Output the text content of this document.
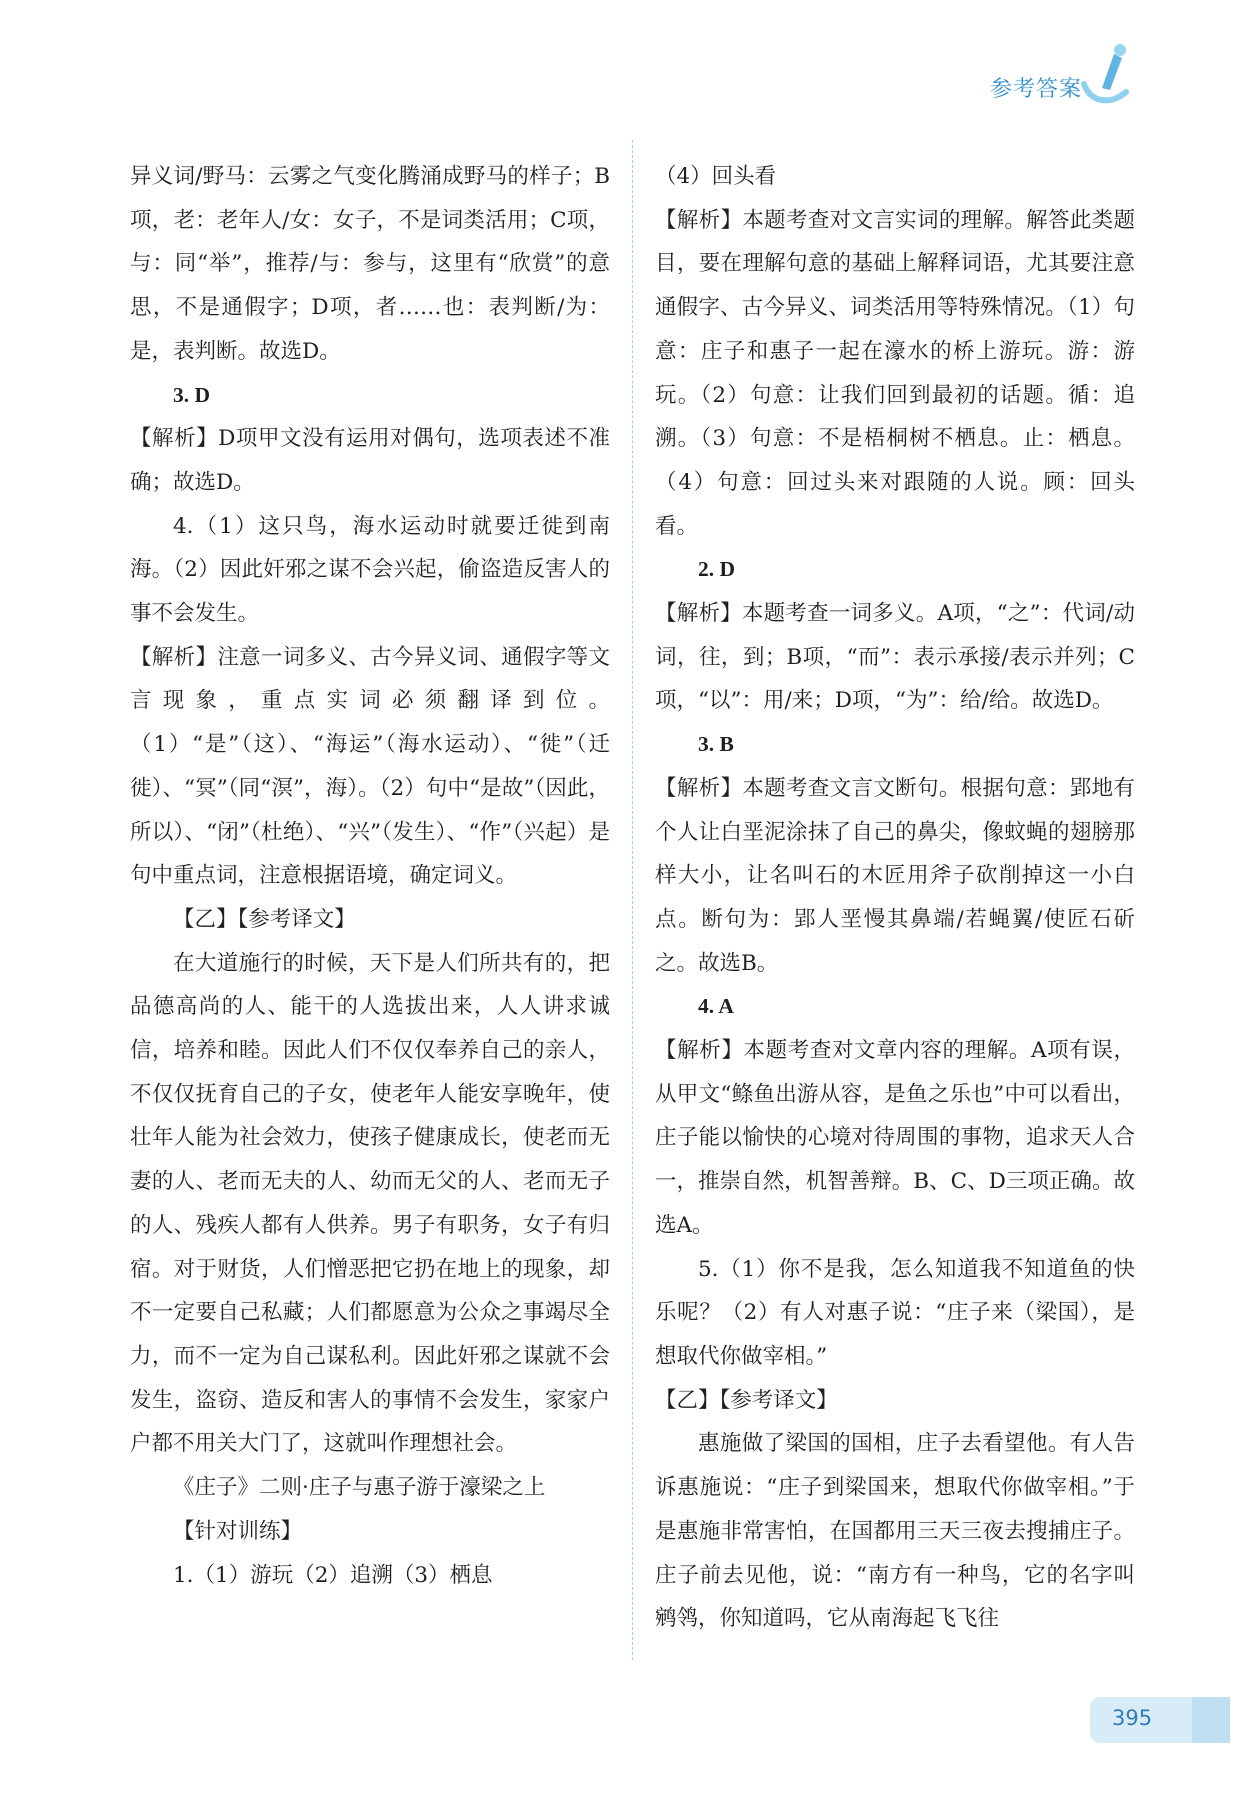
参考答案

异义词/野马：云雾之气变化腾涌成野马的样子；B项，老：老年人/女：女子，不是词类活用；C项，与：同“举”，推荐/与：参与，这里有“欣赏”的意思，不是通假字；D项，者……也：表判断/为：是，表判断。故选D。

3. D

【解析】D项甲文没有运用对偶句，选项表述不准确；故选D。

4.（1）这只鸟，海水运动时就要迁徙到南海。（2）因此奸邪之谋不会兴起，偷盗造反害人的事不会发生。

【解析】注意一词多义、古今异义词、通假字等文言现象，重点实词必须翻译到位。（1）“是”（这）、“海运”（海水运动）、“徙”（迁徙）、“冥”（同“溟”，海）。（2）句中“是故”（因此，所以）、“闭”（杜绝）、“兴”（发生）、“作”（兴起）是句中重点词，注意根据语境，确定词义。

【乙】【参考译文】

在大道施行的时候，天下是人们所共有的，把品德高尚的人、能干的人选拔出来，人人讲求诚信，培养和睦。因此人们不仅仅奉养自己的亲人，不仅仅抚育自己的子女，使老年人能安享晚年，使壮年人能为社会效力，使孩子健康成长，使老而无妻的人、老而无夫的人、幼而无父的人、老而无子的人、残疾人都有人供养。男子有职务，女子有归宿。对于财货，人们憎恶把它扔在地上的现象，却不一定要自己私藏；人们都愿意为公众之事竭尽全力，而不一定为自己谋私利。因此奸邪之谋就不会发生，盗窃、造反和害人的事情不会发生，家家户户都不用关大门了，这就叫作理想社会。

《庄子》二则·庄子与惠子游于濠梁之上

【针对训练】

1.（1）游玩（2）追溯（3）栖息

（4）回头看

【解析】本题考查对文言实词的理解。解答此类题目，要在理解句意的基础上解释词语，尤其要注意通假字、古今异义、词类活用等特殊情况。（1）句意：庄子和惠子一起在濠水的桥上游玩。游：游玩。（2）句意：让我们回到最初的话题。循：追溯。（3）句意：不是梧桐树不栖息。止：栖息。（4）句意：回过头来对跟随的人说。顾：回头看。

2. D

【解析】本题考查一词多义。A项，“之”：代词/动词，往，到；B项，“而”：表示承接/表示并列；C项，“以”：用/来；D项，“为”：给/给。故选D。

3. B

【解析】本题考查文言文断句。根据句意：郢地有个人让白垩泥涂抹了自己的鼻尖，像蚊蝇的翅膀那样大小，让名叫石的木匠用斧子砍削掉这一小白点。断句为：郢人垩慢其鼻端/若蝇翼/使匠石斫之。故选B。

4. A

【解析】本题考查对文章内容的理解。A项有误，从甲文“鲦鱼出游从容，是鱼之乐也”中可以看出，庄子能以愉快的心境对待周围的事物，追求天人合一，推崇自然，机智善辩。B、C、D三项正确。故选A。

5.（1）你不是我，怎么知道我不知道鱼的快乐呢？（2）有人对惠子说：“庄子来（梁国），是想取代你做宰相。”

【乙】【参考译文】

惠施做了梁国的国相，庄子去看望他。有人告诉惠施说：“庄子到梁国来，想取代你做宰相。”于是惠施非常害怕，在国都用三天三夜去搜捕庄子。庄子前去见他，说：“南方有一种鸟，它的名字叫鹓鸰，你知道吗，它从南海起飞飞往

395
